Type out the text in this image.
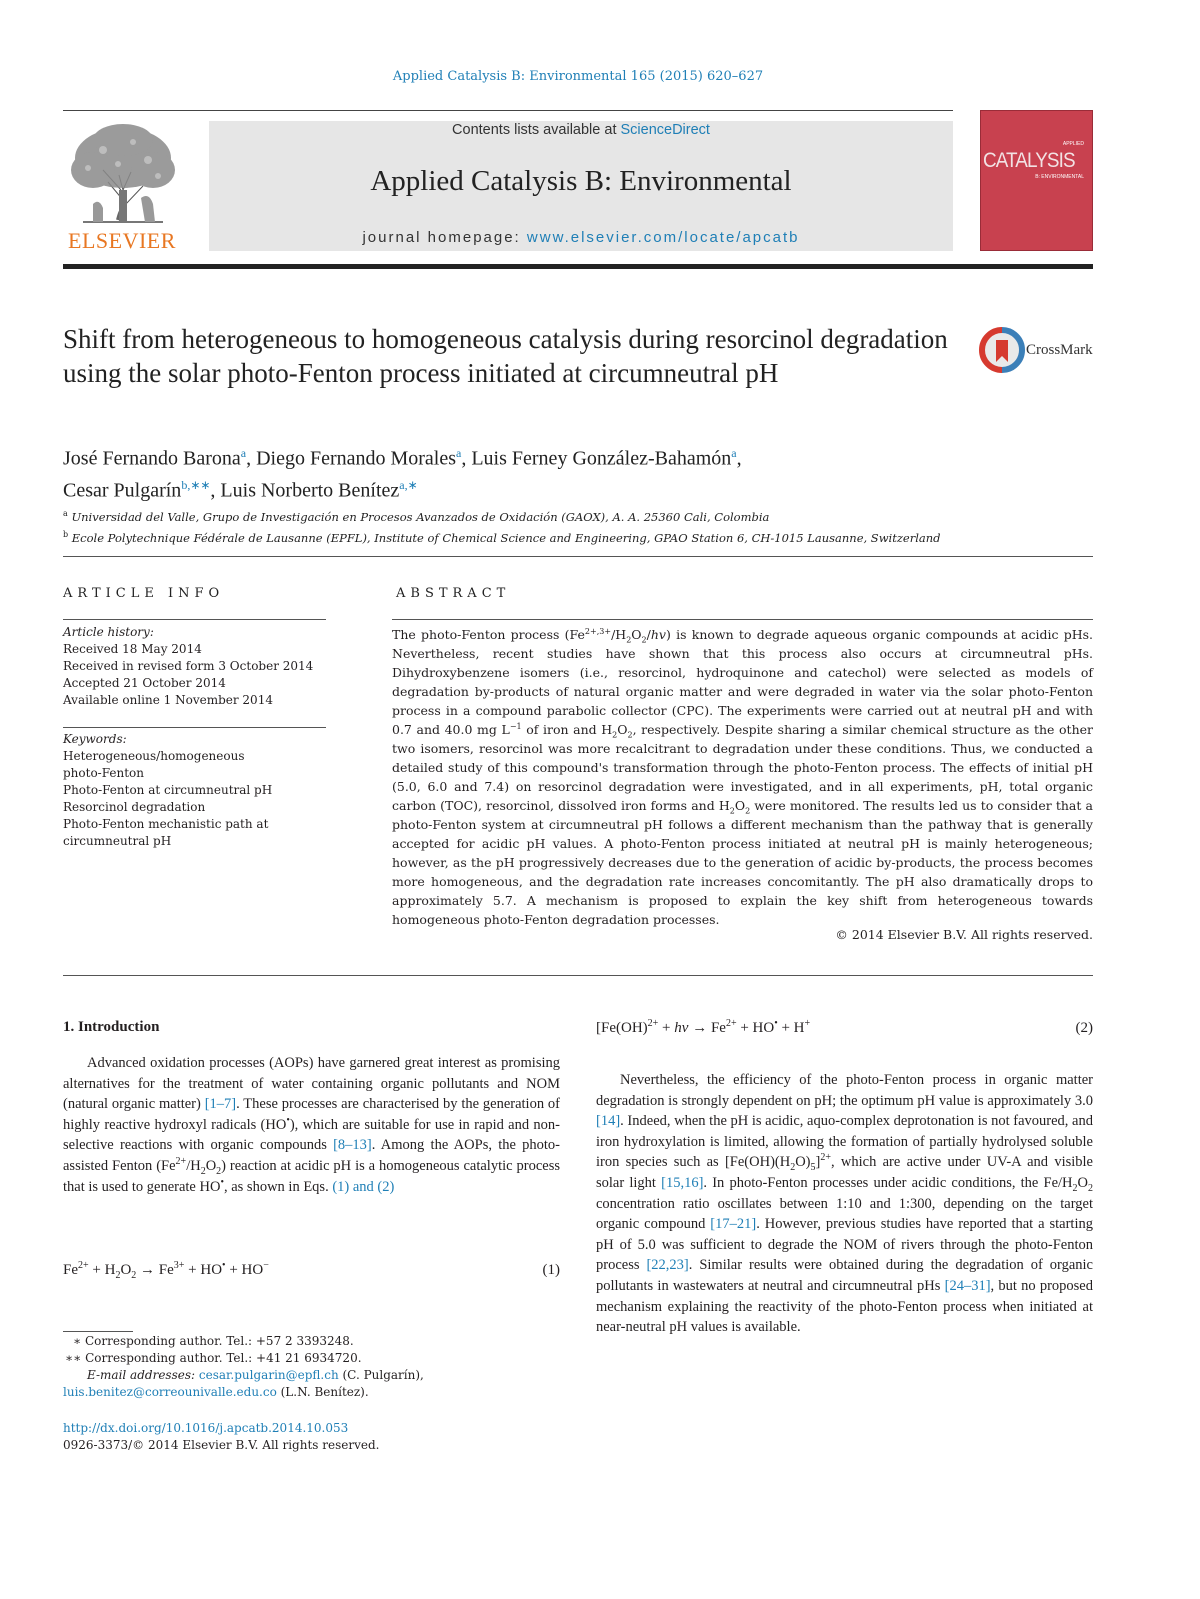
Applied Catalysis B: Environmental 165 (2015) 620–627
ELSEVIER
Contents lists available at ScienceDirect
Applied Catalysis B: Environmental
journal homepage: www.elsevier.com/locate/apcatb
APPLIED
CATALYSIS
B: ENVIRONMENTAL
Shift from heterogeneous to homogeneous catalysis during resorcinol degradation using the solar photo-Fenton process initiated at circumneutral pH
CrossMark
José Fernando Barona$^a$, Diego Fernando Morales$^a$, Luis Ferney González-Bahamón$^a$,
Cesar Pulgarín$^{b,∗∗}$, Luis Norberto Benítez$^{a,∗}$
$^a$ Universidad del Valle, Grupo de Investigación en Procesos Avanzados de Oxidación (GAOX), A. A. 25360 Cali, Colombia
$^b$ Ecole Polytechnique Fédérale de Lausanne (EPFL), Institute of Chemical Science and Engineering, GPAO Station 6, CH-1015 Lausanne, Switzerland
ARTICLE INFO	ABSTRACT
Article history:
Received 18 May 2014
Received in revised form 3 October 2014
Accepted 21 October 2014
Available online 1 November 2014
Keywords:
Heterogeneous/homogeneous
photo-Fenton
Photo-Fenton at circumneutral pH
Resorcinol degradation
Photo-Fenton mechanistic path at
circumneutral pH
The photo-Fenton process $(Fe^{2+,3+}/H_2O_2/hv)$ is known to degrade aqueous organic compounds at acidic pHs. Nevertheless, recent studies have shown that this process also occurs at circumneutral pHs. Dihydroxybenzene isomers (i.e., resorcinol, hydroquinone and catechol) were selected as models of degradation by-products of natural organic matter and were degraded in water via the solar photo-Fenton process in a compound parabolic collector (CPC). The experiments were carried out at neutral pH and with 0.7 and 40.0 mg $L^{-1}$ of iron and $H_2O_2$, respectively. Despite sharing a similar chemical structure as the other two isomers, resorcinol was more recalcitrant to degradation under these conditions. Thus, we conducted a detailed study of this compound's transformation through the photo-Fenton process. The effects of initial pH (5.0, 6.0 and 7.4) on resorcinol degradation were investigated, and in all experiments, pH, total organic carbon (TOC), resorcinol, dissolved iron forms and $H_2O_2$ were monitored. The results led us to consider that a photo-Fenton system at circumneutral pH follows a different mechanism than the pathway that is generally accepted for acidic pH values. A photo-Fenton process initiated at neutral pH is mainly heterogeneous; however, as the pH progressively decreases due to the generation of acidic by-products, the process becomes more homogeneous, and the degradation rate increases concomitantly. The pH also dramatically drops to approximately 5.7. A mechanism is proposed to explain the key shift from heterogeneous towards homogeneous photo-Fenton degradation processes.
© 2014 Elsevier B.V. All rights reserved.
1. Introduction
Advanced oxidation processes (AOPs) have garnered great interest as promising alternatives for the treatment of water containing organic pollutants and NOM (natural organic matter) [1–7]. These processes are characterised by the generation of highly reactive hydroxyl radicals (HO•), which are suitable for use in rapid and non-selective reactions with organic compounds [8–13]. Among the AOPs, the photo-assisted Fenton $(Fe^{2+}/H_2O_2)$ reaction at acidic pH is a homogeneous catalytic process that is used to generate HO•, as shown in Eqs. (1) and (2)
$Fe^{2+} + H_2O_2 \to Fe^{3+} + HO^• + HO^-$	(1)
[Fe(OH)$^{2+}$ + hv → $Fe^{2+} + HO^• + H^+$	(2)
Nevertheless, the efficiency of the photo-Fenton process in organic matter degradation is strongly dependent on pH; the optimum pH value is approximately 3.0 [14]. Indeed, when the pH is acidic, aquo-complex deprotonation is not favoured, and iron hydroxylation is limited, allowing the formation of partially hydrolysed soluble iron species such as $[Fe(OH)(H_2O)_5]^{2+}$, which are active under UV-A and visible solar light [15,16]. In photo-Fenton processes under acidic conditions, the $Fe/H_2O_2$ concentration ratio oscillates between 1:10 and 1:300, depending on the target organic compound [17–21]. However, previous studies have reported that a starting pH of 5.0 was sufficient to degrade the NOM of rivers through the photo-Fenton process [22,23]. Similar results were obtained during the degradation of organic pollutants in wastewaters at neutral and circumneutral pHs [24–31], but no proposed mechanism explaining the reactivity of the photo-Fenton process when initiated at near-neutral pH values is available.
∗ Corresponding author. Tel.: +57 2 3393248.
∗∗ Corresponding author. Tel.: +41 21 6934720.
E-mail addresses: cesar.pulgarin@epfl.ch (C. Pulgarín),
luis.benitez@correounivalle.edu.co (L.N. Benítez).
http://dx.doi.org/10.1016/j.apcatb.2014.10.053
0926-3373/© 2014 Elsevier B.V. All rights reserved.
